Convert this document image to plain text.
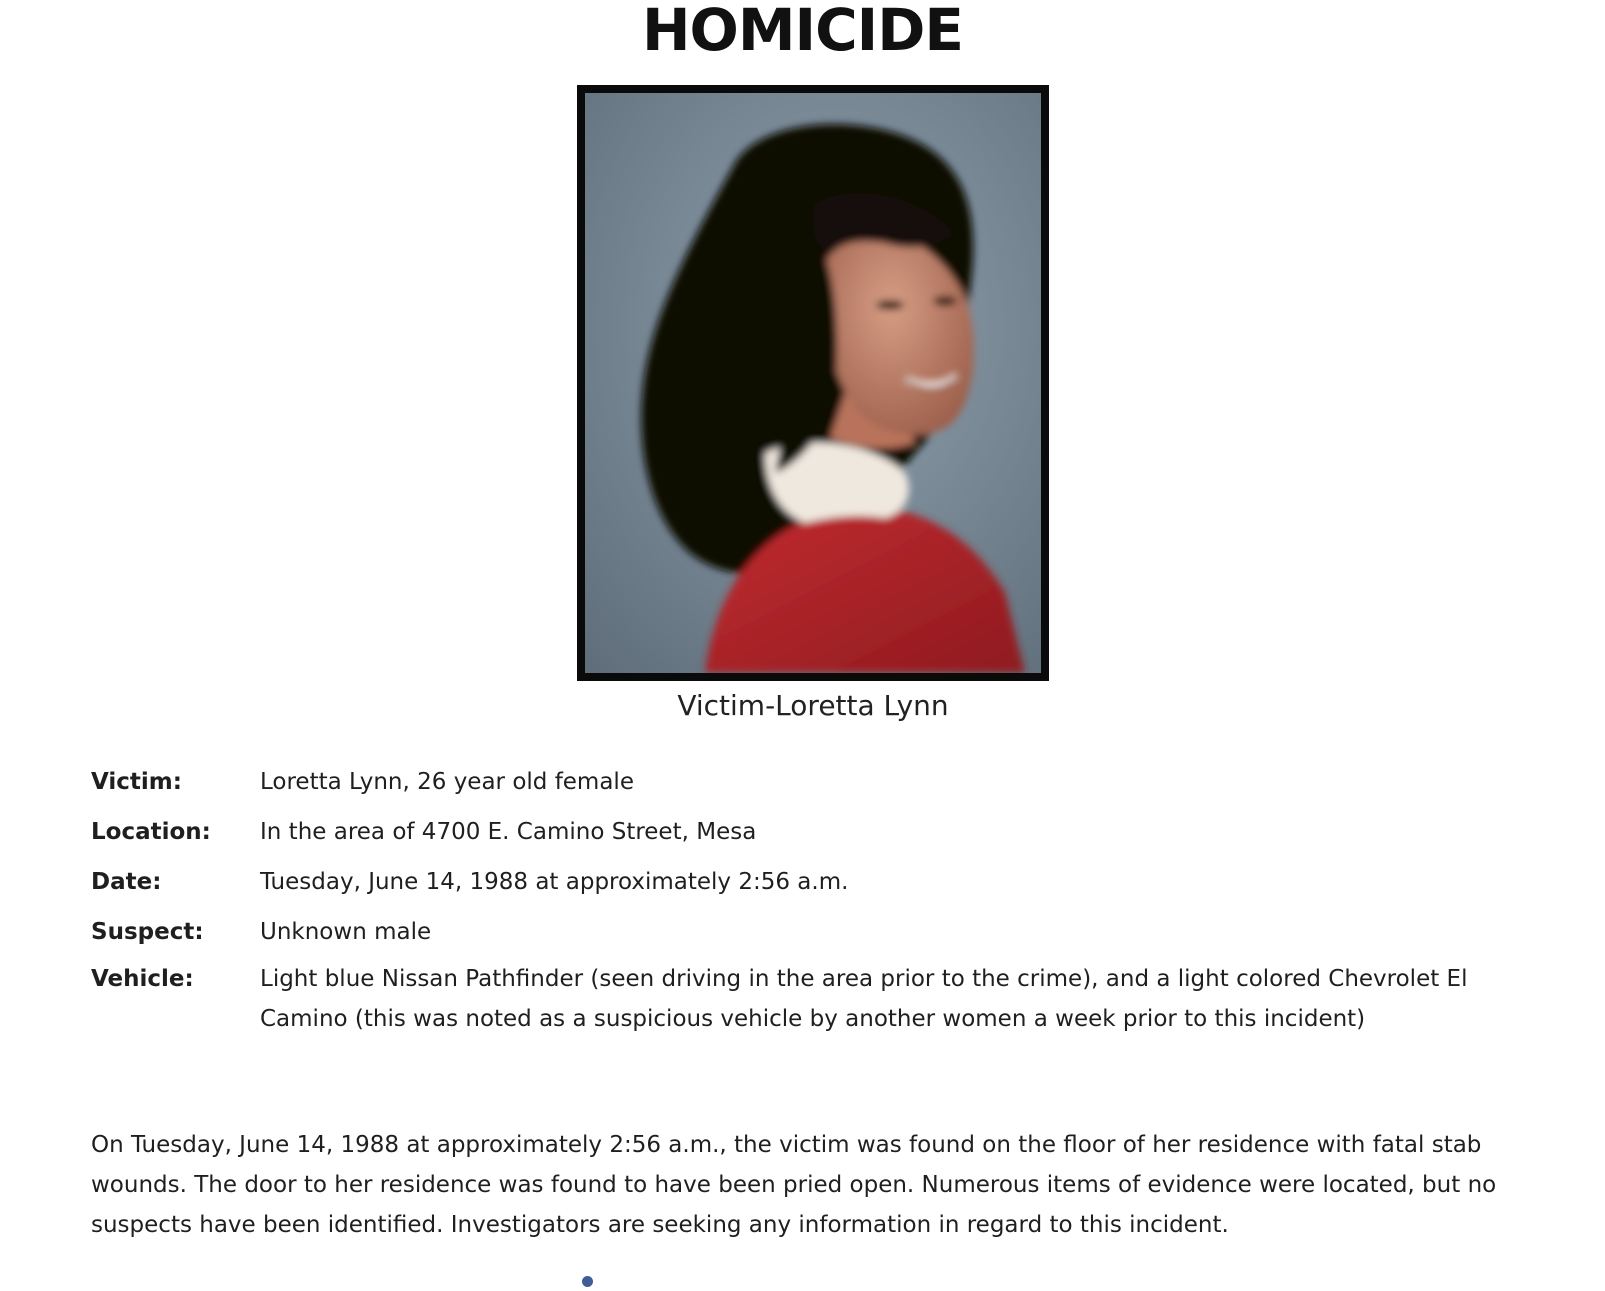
HOMICIDE
Victim-Loretta Lynn
Victim:	Loretta Lynn, 26 year old female
Location:	In the area of 4700 E. Camino Street, Mesa
Date:	Tuesday, June 14, 1988 at approximately 2:56 a.m.
Suspect:	Unknown male
Vehicle:	Light blue Nissan Pathfinder (seen driving in the area prior to the crime), and a light colored Chevrolet El Camino (this was noted as a suspicious vehicle by another women a week prior to this incident)
On Tuesday, June 14, 1988 at approximately 2:56 a.m., the victim was found on the floor of her residence with fatal stab wounds. The door to her residence was found to have been pried open. Numerous items of evidence were located, but no suspects have been identified. Investigators are seeking any information in regard to this incident.
